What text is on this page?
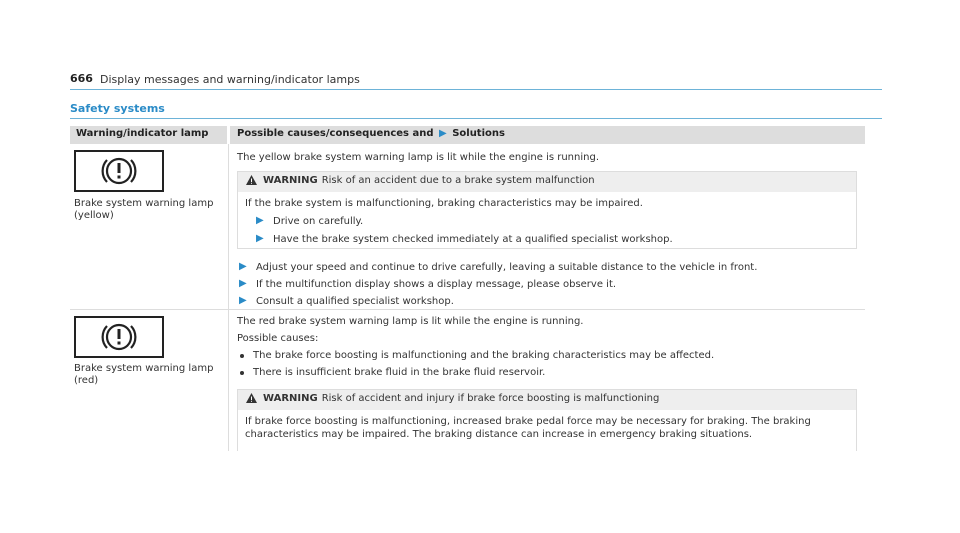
666 Display messages and warning/indicator lamps
Safety systems
Warning/indicator lamp	Possible causes/consequences and ▶ Solutions
Brake system warning lamp
(yellow)
The yellow brake system warning lamp is lit while the engine is running.
WARNING Risk of an accident due to a brake system malfunction
If the brake system is malfunctioning, braking characteristics may be impaired.
▶ Drive on carefully.
▶ Have the brake system checked immediately at a qualified specialist workshop.
▶ Adjust your speed and continue to drive carefully, leaving a suitable distance to the vehicle in front.
▶ If the multifunction display shows a display message, please observe it.
▶ Consult a qualified specialist workshop.
Brake system warning lamp
(red)
The red brake system warning lamp is lit while the engine is running.
Possible causes:
The brake force boosting is malfunctioning and the braking characteristics may be affected.
There is insufficient brake fluid in the brake fluid reservoir.
WARNING Risk of accident and injury if brake force boosting is malfunctioning
If brake force boosting is malfunctioning, increased brake pedal force may be necessary for braking. The braking
characteristics may be impaired. The braking distance can increase in emergency braking situations.
